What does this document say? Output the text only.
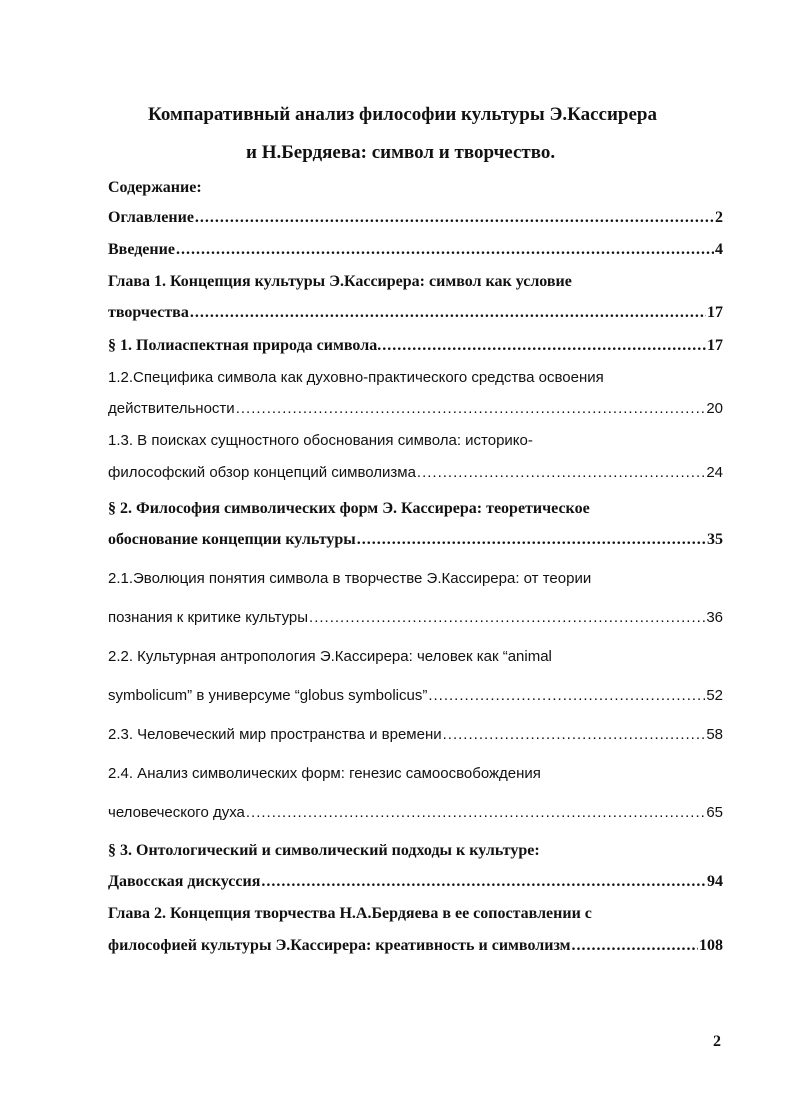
Компаративный анализ философии культуры Э.Кассирера
и Н.Бердяева: символ и творчество.
Содержание:
Оглавление .....	2
Введение .....	4
Глава 1. Концепция культуры Э.Кассирера: символ как условие
творчества .....	17
§ 1. Полиаспектная природа символа. .....	17
1.2.Специфика символа как духовно-практического средства освоения
действительности .....	20
1.3. В поисках сущностного обоснования символа: историко-
философский обзор концепций символизма .....	24
§ 2. Философия символических форм Э. Кассирера: теоретическое
обоснование концепции культуры .....	35
2.1.Эволюция понятия символа в творчестве Э.Кассирера: от теории
познания к критике культуры .....	36
2.2. Культурная антропология Э.Кассирера: человек как “animal
symbolicum” в универсуме “globus symbolicus” .....	52
2.3. Человеческий мир пространства и времени .....	58
2.4. Анализ символических форм: генезис самоосвобождения
человеческого духа .....	65
§ 3. Онтологический и символический подходы к культуре:
Давосская дискуссия .....	94
Глава 2. Концепция творчества Н.А.Бердяева в ее сопоставлении с
философией культуры Э.Кассирера: креативность и символизм .....	108
2
